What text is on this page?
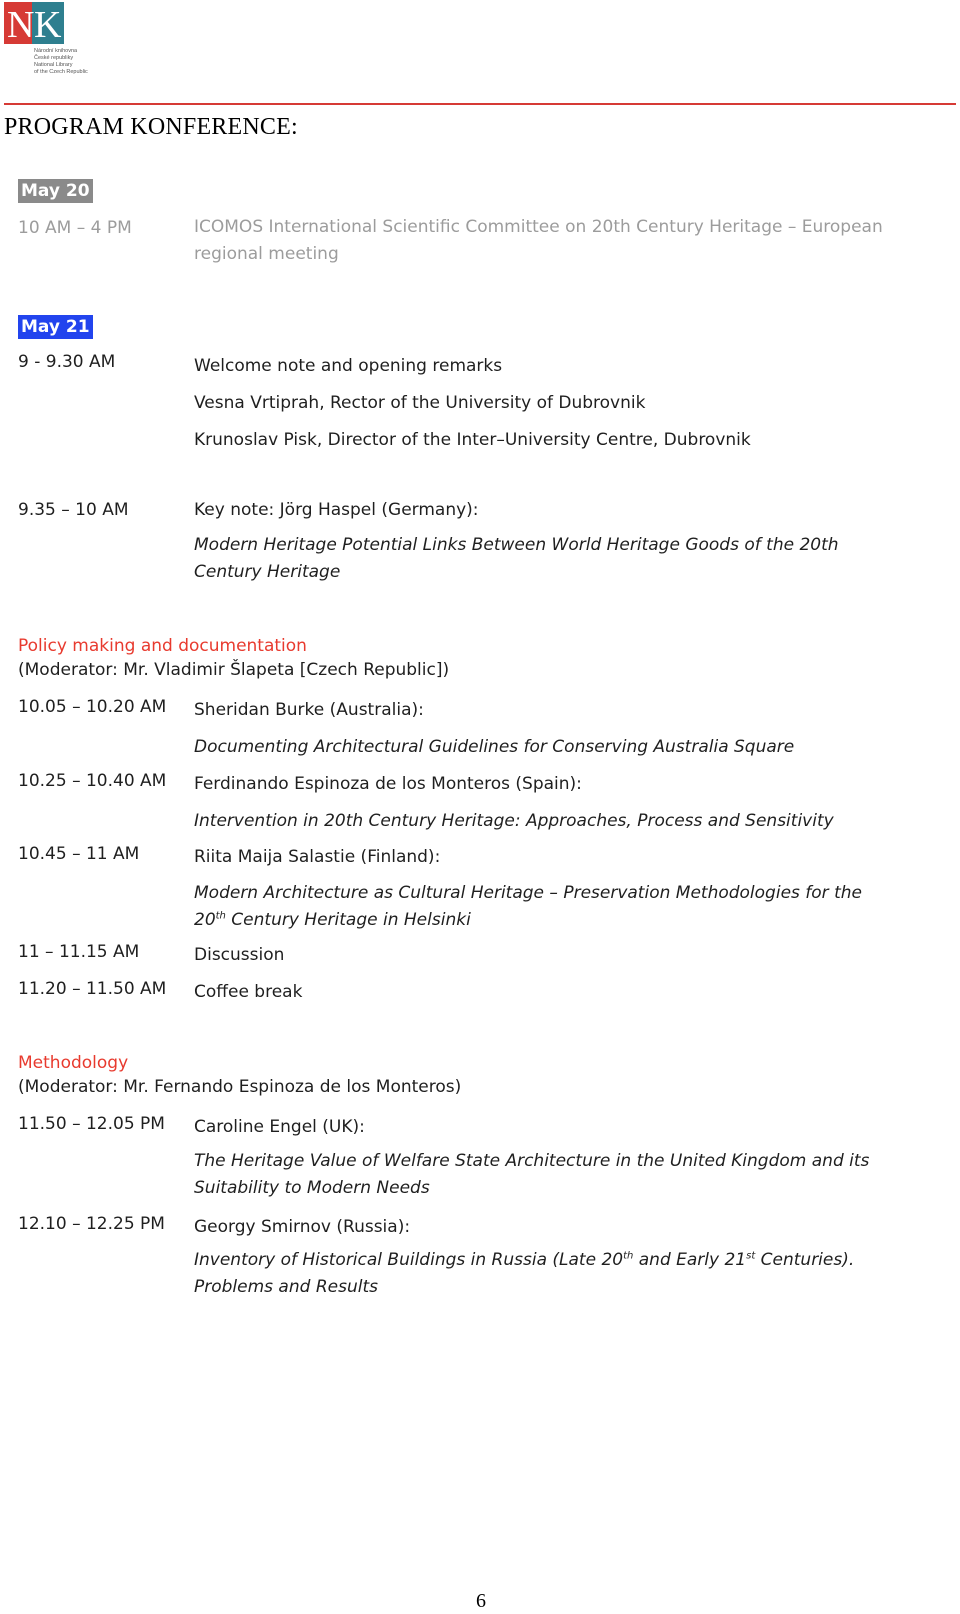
N K
Národní knihovna
České republiky
National Library
of the Czech Republic
PROGRAM KONFERENCE:
May 20
10 AM – 4 PM	ICOMOS International Scientific Committee on 20th Century Heritage – European
regional meeting
May 21
9 - 9.30 AM	Welcome note and opening remarks
Vesna Vrtiprah, Rector of the University of Dubrovnik
Krunoslav Pisk, Director of the Inter–University Centre, Dubrovnik
9.35 – 10 AM	Key note: Jörg Haspel (Germany):
Modern Heritage Potential Links Between World Heritage Goods of the 20th
Century Heritage
Policy making and documentation
(Moderator: Mr. Vladimir Šlapeta [Czech Republic])
10.05 – 10.20 AM Sheridan Burke (Australia):
Documenting Architectural Guidelines for Conserving Australia Square
10.25 – 10.40 AM Ferdinando Espinoza de los Monteros (Spain):
Intervention in 20th Century Heritage: Approaches, Process and Sensitivity
10.45 – 11 AM	Riita Maija Salastie (Finland):
Modern Architecture as Cultural Heritage – Preservation Methodologies for the
20th Century Heritage in Helsinki
11 – 11.15 AM	Discussion
11.20 – 11.50 AM Coffee break
Methodology
(Moderator: Mr. Fernando Espinoza de los Monteros)
11.50 – 12.05 PM Caroline Engel (UK):
The Heritage Value of Welfare State Architecture in the United Kingdom and its
Suitability to Modern Needs
12.10 – 12.25 PM Georgy Smirnov (Russia):
Inventory of Historical Buildings in Russia (Late 20th and Early 21st Centuries).
Problems and Results
6
